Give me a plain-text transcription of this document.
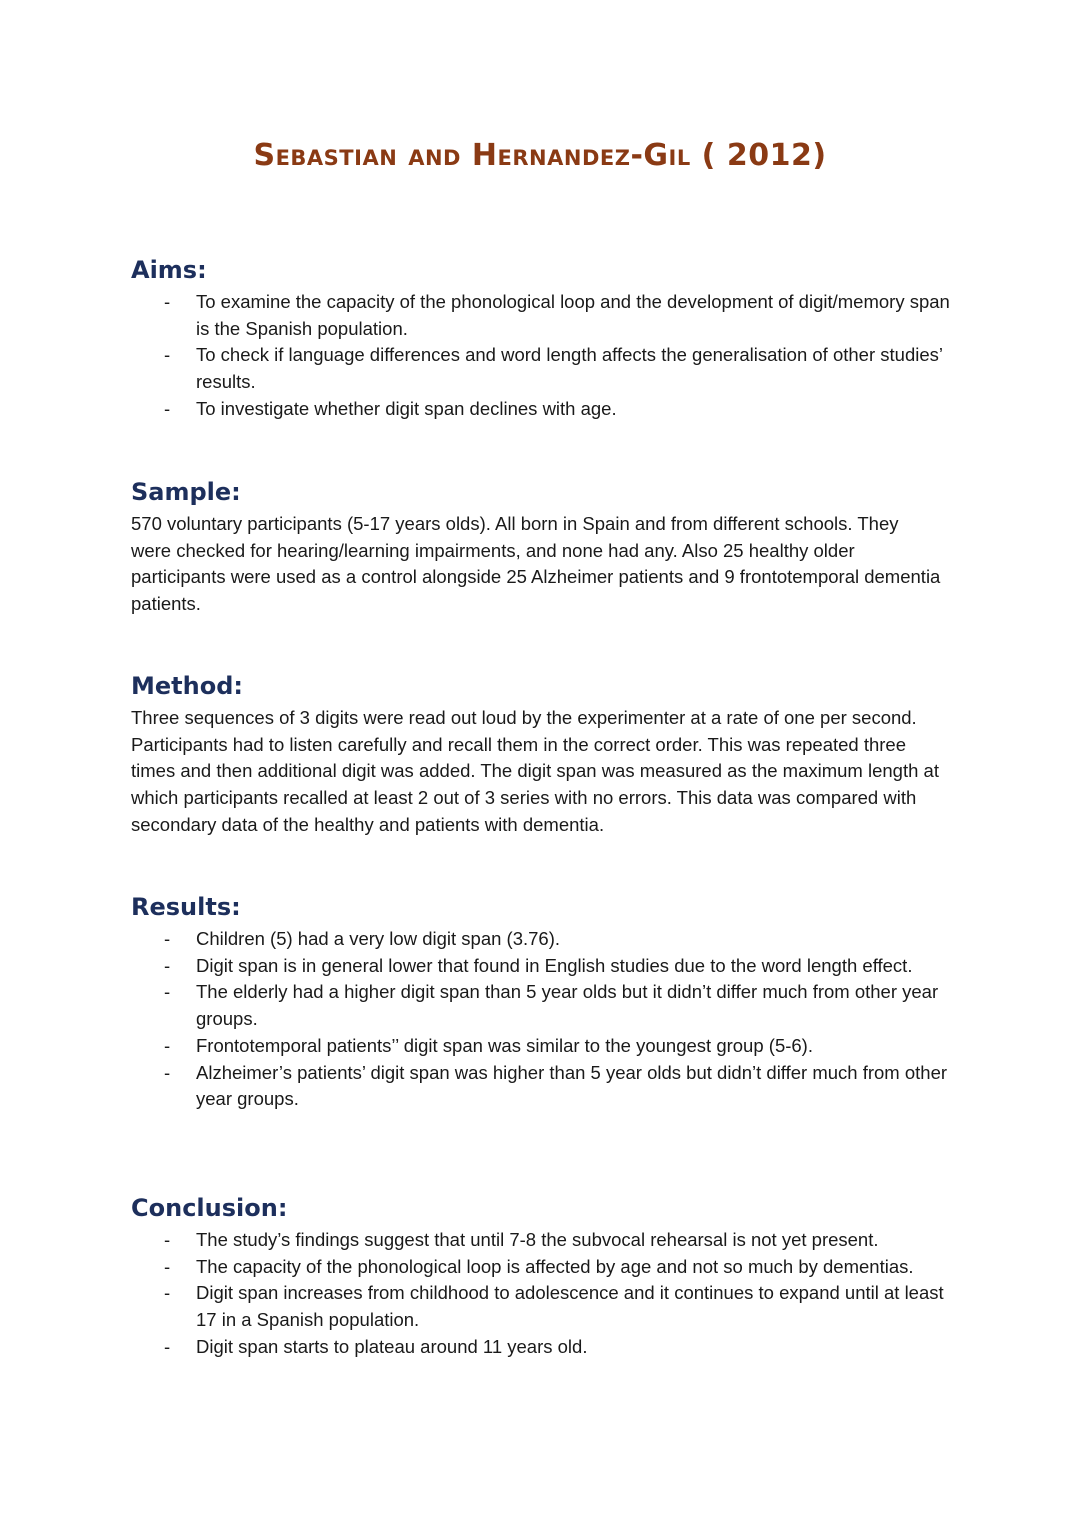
Sebastian and Hernandez-Gil ( 2012)
Aims:
- To examine the capacity of the phonological loop and the development of digit/memory span is the Spanish population.
- To check if language differences and word length affects the generalisation of other studies’ results.
- To investigate whether digit span declines with age.
Sample:

570 voluntary participants (5-17 years olds). All born in Spain and from different schools. They were checked for hearing/learning impairments, and none had any. Also 25 healthy older participants were used as a control alongside 25 Alzheimer patients and 9 frontotemporal dementia patients.

Method:

Three sequences of 3 digits were read out loud by the experimenter at a rate of one per second. Participants had to listen carefully and recall them in the correct order. This was repeated three times and then additional digit was added. The digit span was measured as the maximum length at which participants recalled at least 2 out of 3 series with no errors. This data was compared with secondary data of the healthy and patients with dementia.

Results:
- Children (5) had a very low digit span (3.76).
- Digit span is in general lower that found in English studies due to the word length effect.
- The elderly had a higher digit span than 5 year olds but it didn’t differ much from other year groups.
- Frontotemporal patients’’ digit span was similar to the youngest group (5-6).
- Alzheimer’s patients’ digit span was higher than 5 year olds but didn’t differ much from other year groups.
Conclusion:
- The study’s findings suggest that until 7-8 the subvocal rehearsal is not yet present.
- The capacity of the phonological loop is affected by age and not so much by dementias.
- Digit span increases from childhood to adolescence and it continues to expand until at least 17 in a Spanish population.
- Digit span starts to plateau around 11 years old.
